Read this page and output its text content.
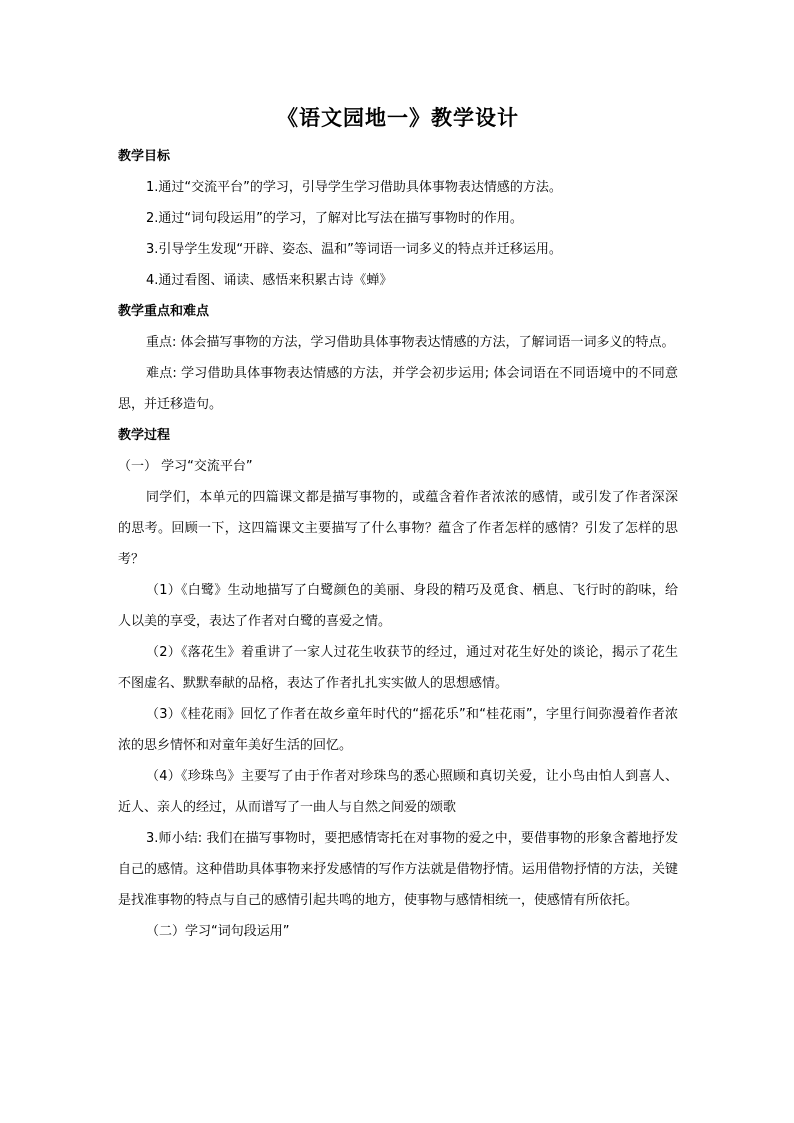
《语文园地一》教学设计
教学目标

1.通过“交流平台”的学习，引导学生学习借助具体事物表达情感的方法。

2.通过“词句段运用”的学习，了解对比写法在描写事物时的作用。

3.引导学生发现“开辟、姿态、温和”等词语一词多义的特点并迁移运用。

4.通过看图、诵读、感悟来积累古诗《蝉》

教学重点和难点

重点: 体会描写事物的方法，学习借助具体事物表达情感的方法，了解词语一词多义的特点。

难点: 学习借助具体事物表达情感的方法，并学会初步运用; 体会词语在不同语境中的不同意思，并迁移造句。

教学过程

（一） 学习“交流平台”

同学们，本单元的四篇课文都是描写事物的，或蕴含着作者浓浓的感情，或引发了作者深深的思考。回顾一下，这四篇课文主要描写了什么事物？蕴含了作者怎样的感情？引发了怎样的思考？

（1）《白鹭》生动地描写了白鹭颜色的美丽、身段的精巧及觅食、栖息、飞行时的韵味，给人以美的享受，表达了作者对白鹭的喜爱之情。

（2）《落花生》着重讲了一家人过花生收获节的经过，通过对花生好处的谈论，揭示了花生不图虚名、默默奉献的品格，表达了作者扎扎实实做人的思想感情。

（3）《桂花雨》回忆了作者在故乡童年时代的“摇花乐”和“桂花雨”，字里行间弥漫着作者浓浓的思乡情怀和对童年美好生活的回忆。

（4）《珍珠鸟》主要写了由于作者对珍珠鸟的悉心照顾和真切关爱，让小鸟由怕人到喜人、近人、亲人的经过，从而谱写了一曲人与自然之间爱的颂歌

3.师小结: 我们在描写事物时，要把感情寄托在对事物的爱之中，要借事物的形象含蓄地抒发自己的感情。这种借助具体事物来抒发感情的写作方法就是借物抒情。运用借物抒情的方法，关键是找准事物的特点与自己的感情引起共鸣的地方，使事物与感情相统一，使感情有所依托。

（二）学习“词句段运用”
